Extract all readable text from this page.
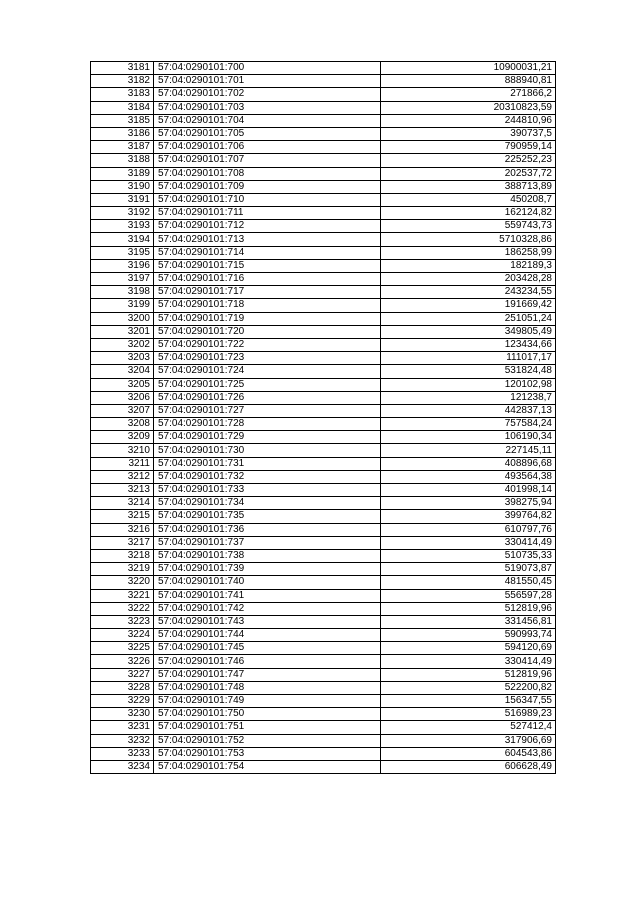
3181	57:04:0290101:700	10900031,21
3182	57:04:0290101:701	888940,81
3183	57:04:0290101:702	271866,2
3184	57:04:0290101:703	20310823,59
3185	57:04:0290101:704	244810,96
3186	57:04:0290101:705	390737,5
3187	57:04:0290101:706	790959,14
3188	57:04:0290101:707	225252,23
3189	57:04:0290101:708	202537,72
3190	57:04:0290101:709	388713,89
3191	57:04:0290101:710	450208,7
3192	57:04:0290101:711	162124,82
3193	57:04:0290101:712	559743,73
3194	57:04:0290101:713	5710328,86
3195	57:04:0290101:714	186258,99
3196	57:04:0290101:715	182189,3
3197	57:04:0290101:716	203428,28
3198	57:04:0290101:717	243234,55
3199	57:04:0290101:718	191669,42
3200	57:04:0290101:719	251051,24
3201	57:04:0290101:720	349805,49
3202	57:04:0290101:722	123434,66
3203	57:04:0290101:723	111017,17
3204	57:04:0290101:724	531824,48
3205	57:04:0290101:725	120102,98
3206	57:04:0290101:726	121238,7
3207	57:04:0290101:727	442837,13
3208	57:04:0290101:728	757584,24
3209	57:04:0290101:729	106190,34
3210	57:04:0290101:730	227145,11
3211	57:04:0290101:731	408896,68
3212	57:04:0290101:732	493564,38
3213	57:04:0290101:733	401998,14
3214	57:04:0290101:734	398275,94
3215	57:04:0290101:735	399764,82
3216	57:04:0290101:736	610797,76
3217	57:04:0290101:737	330414,49
3218	57:04:0290101:738	510735,33
3219	57:04:0290101:739	519073,87
3220	57:04:0290101:740	481550,45
3221	57:04:0290101:741	556597,28
3222	57:04:0290101:742	512819,96
3223	57:04:0290101:743	331456,81
3224	57:04:0290101:744	590993,74
3225	57:04:0290101:745	594120,69
3226	57:04:0290101:746	330414,49
3227	57:04:0290101:747	512819,96
3228	57:04:0290101:748	522200,82
3229	57:04:0290101:749	156347,55
3230	57:04:0290101:750	516989,23
3231	57:04:0290101:751	527412,4
3232	57:04:0290101:752	317906,69
3233	57:04:0290101:753	604543,86
3234	57:04:0290101:754	606628,49
